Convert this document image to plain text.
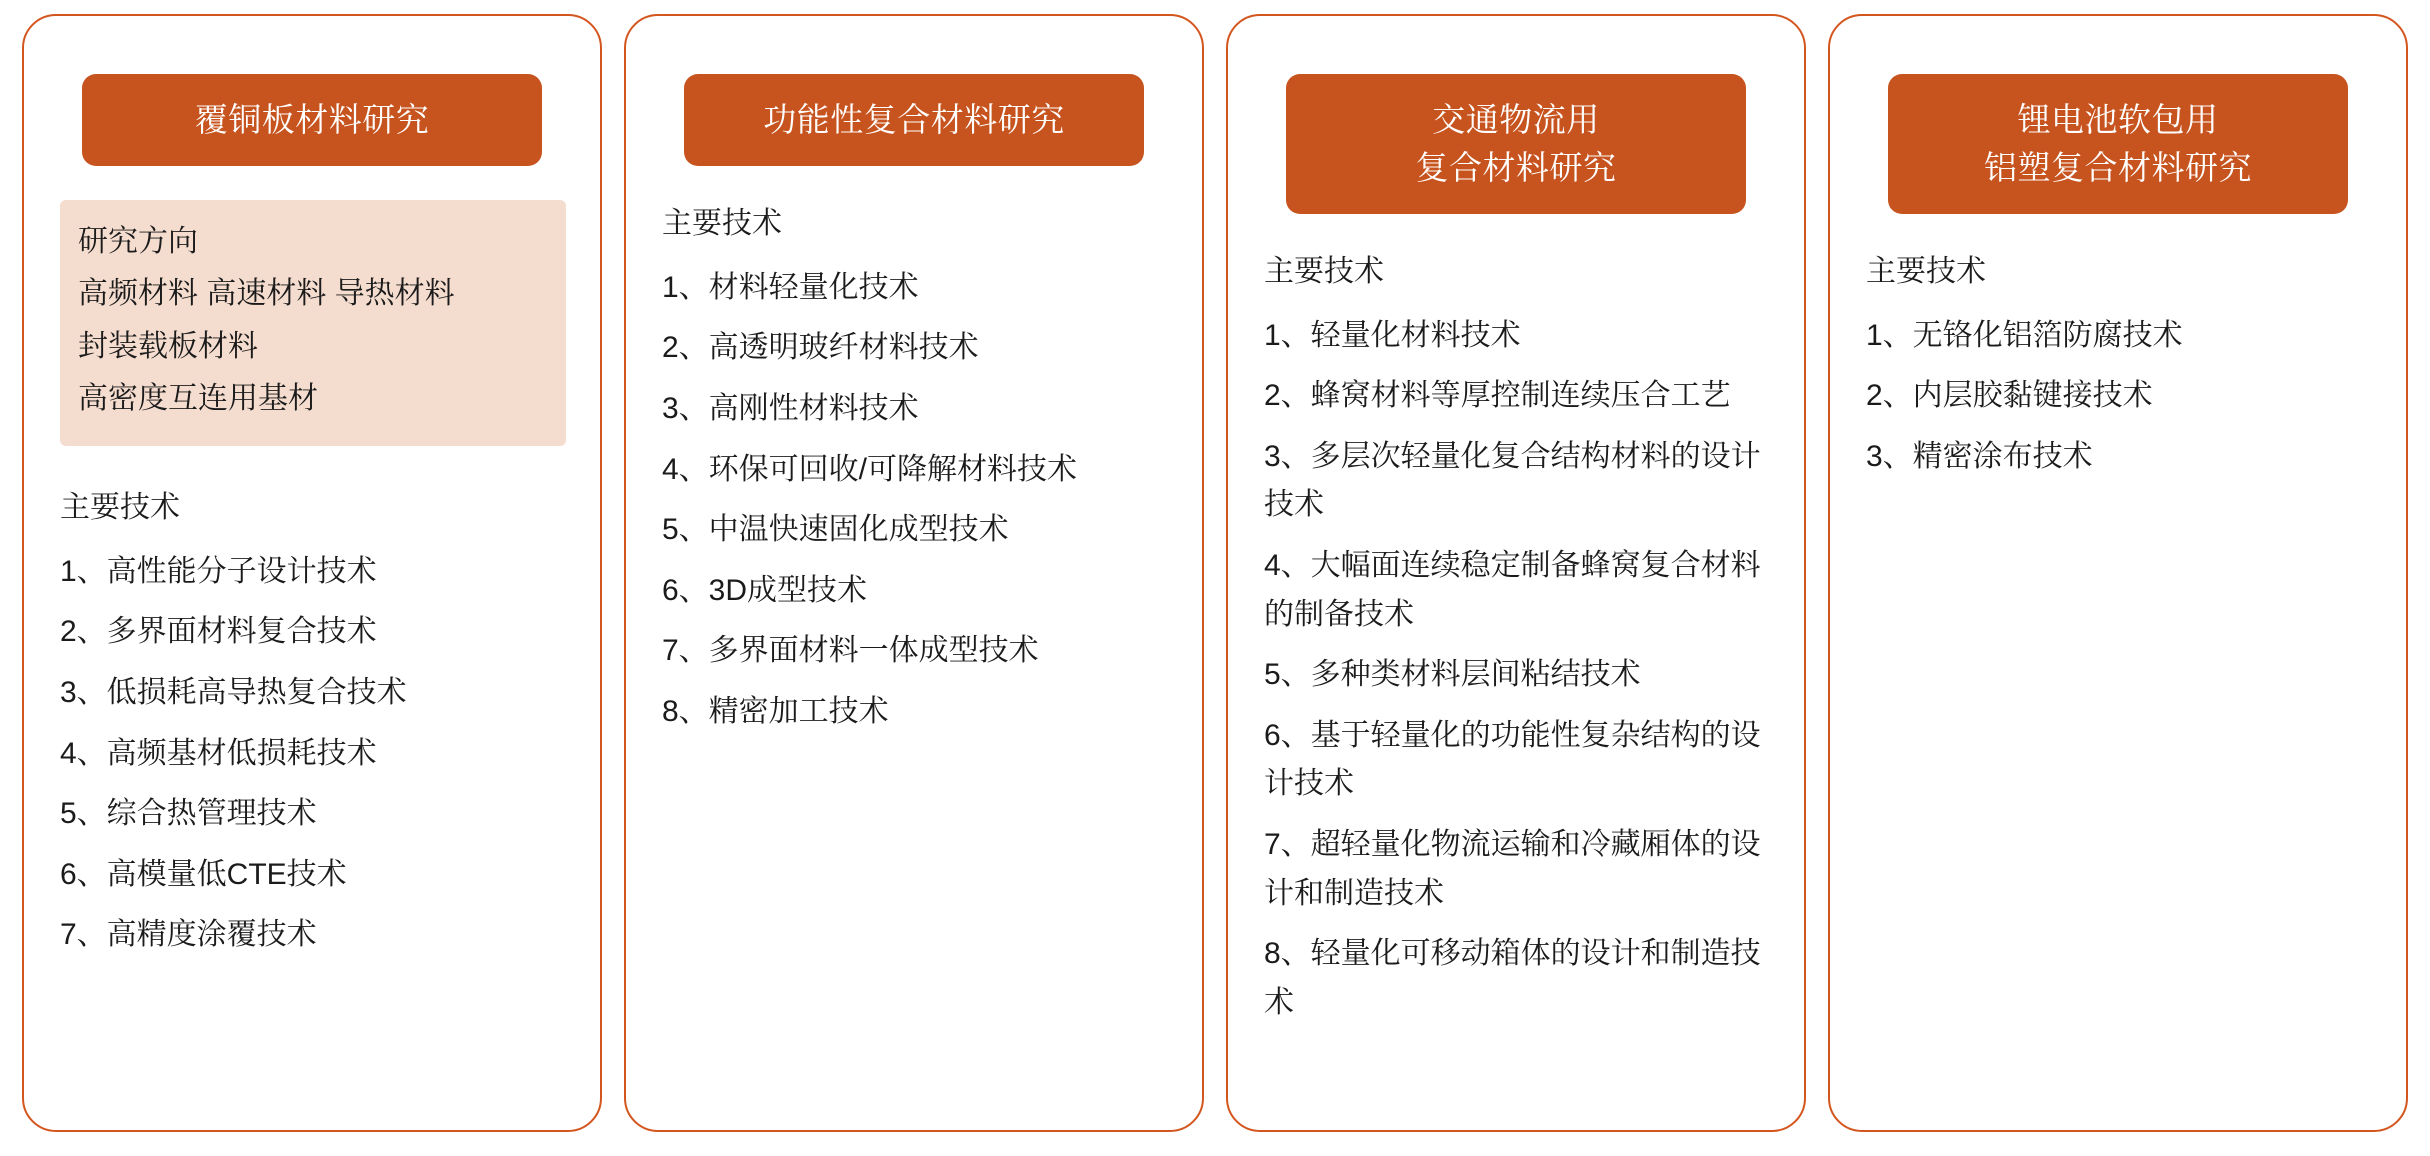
覆铜板材料研究
研究方向
高频材料 高速材料 导热材料
封装载板材料
高密度互连用基材
主要技术
1、高性能分子设计技术
2、多界面材料复合技术
3、低损耗高导热复合技术
4、高频基材低损耗技术
5、综合热管理技术
6、高模量低CTE技术
7、高精度涂覆技术
功能性复合材料研究
主要技术
1、材料轻量化技术
2、高透明玻纤材料技术
3、高刚性材料技术
4、环保可回收/可降解材料技术
5、中温快速固化成型技术
6、3D成型技术
7、多界面材料一体成型技术
8、精密加工技术
交通物流用
复合材料研究
主要技术
1、轻量化材料技术
2、蜂窝材料等厚控制连续压合工艺
3、多层次轻量化复合结构材料的设计技术
4、大幅面连续稳定制备蜂窝复合材料的制备技术
5、多种类材料层间粘结技术
6、基于轻量化的功能性复杂结构的设计技术
7、超轻量化物流运输和冷藏厢体的设计和制造技术
8、轻量化可移动箱体的设计和制造技术
锂电池软包用
铝塑复合材料研究
主要技术
1、无铬化铝箔防腐技术
2、内层胶黏键接技术
3、精密涂布技术
